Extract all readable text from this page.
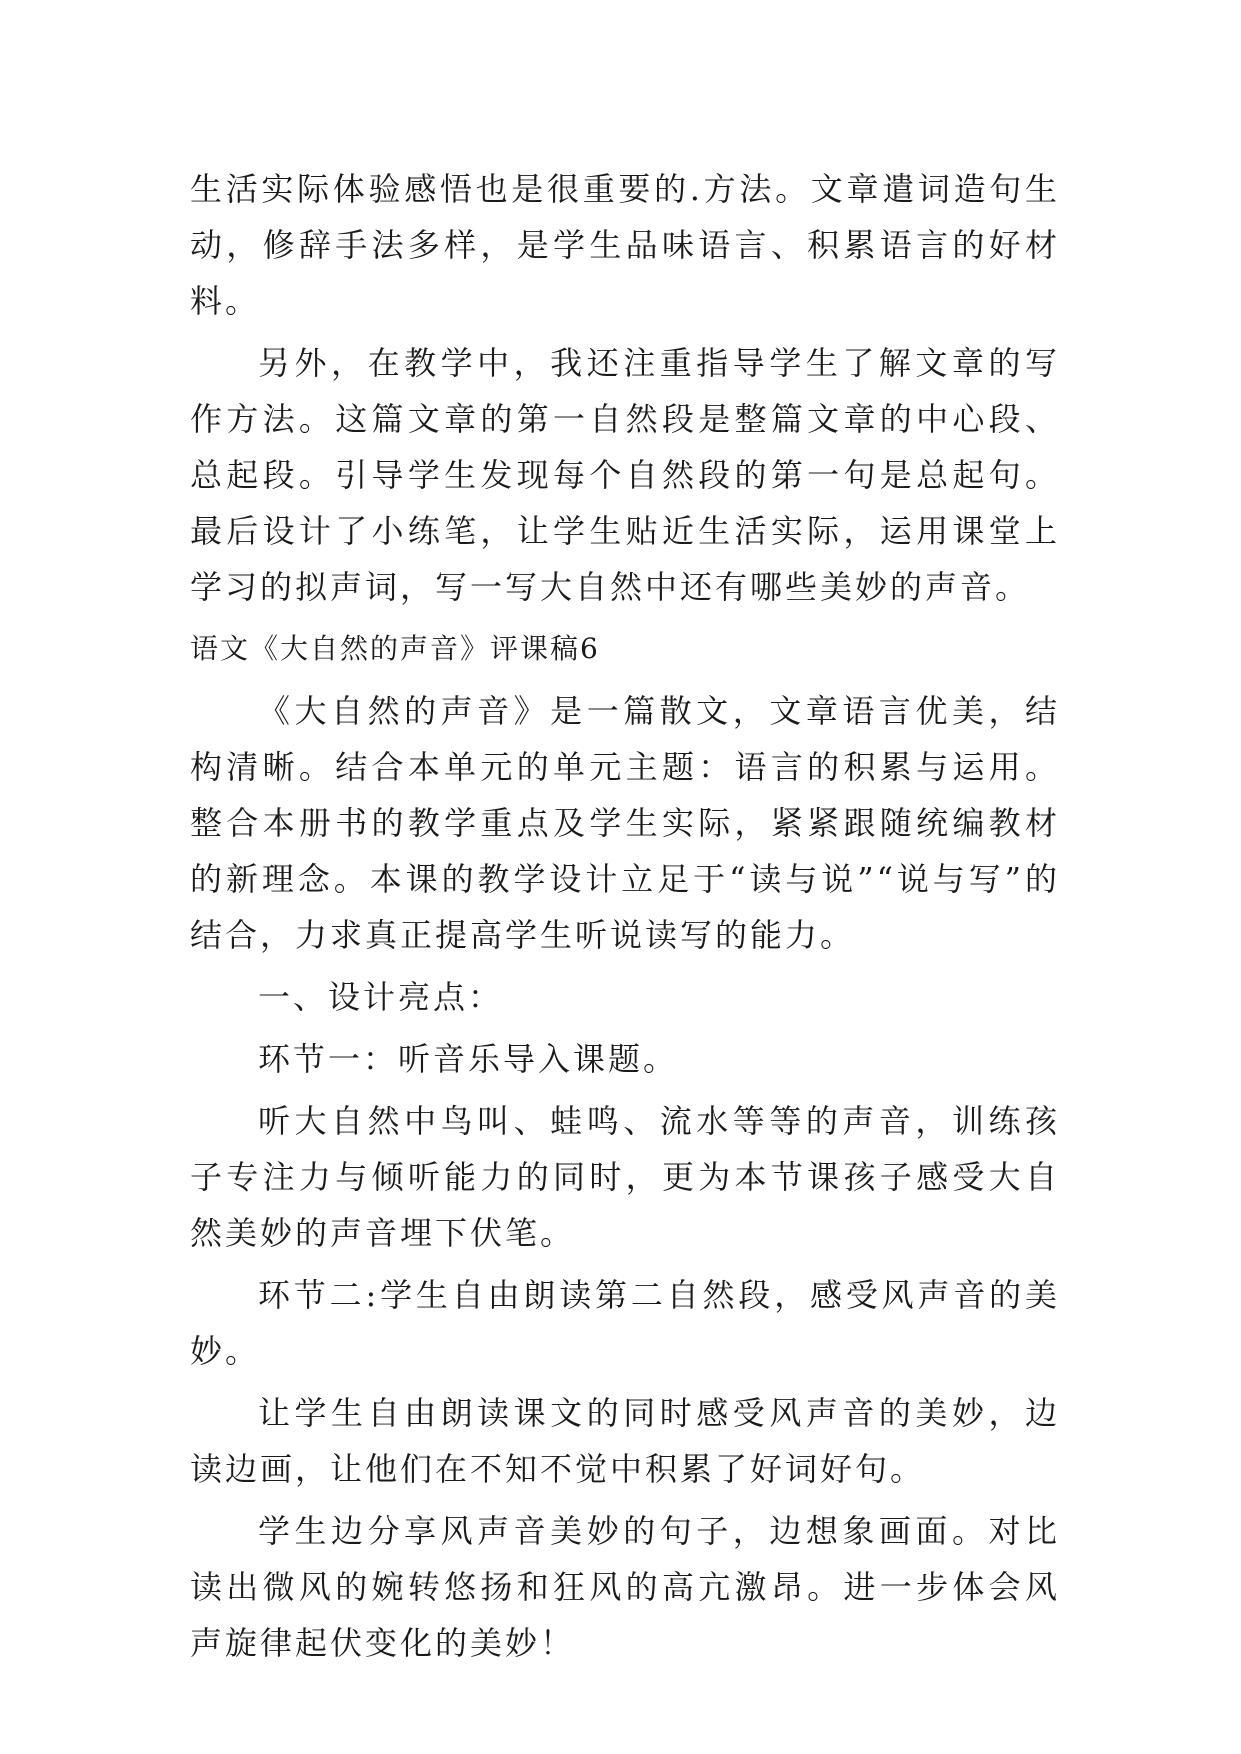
生活实际体验感悟也是很重要的.方法。文章遣词造句生动，修辞手法多样，是学生品味语言、积累语言的好材料。

另外，在教学中，我还注重指导学生了解文章的写作方法。这篇文章的第一自然段是整篇文章的中心段、总起段。引导学生发现每个自然段的第一句是总起句。最后设计了小练笔，让学生贴近生活实际，运用课堂上学习的拟声词，写一写大自然中还有哪些美妙的声音。

语文《大自然的声音》评课稿6

《大自然的声音》是一篇散文，文章语言优美，结构清晰。结合本单元的单元主题：语言的积累与运用。整合本册书的教学重点及学生实际，紧紧跟随统编教材的新理念。本课的教学设计立足于“读与说”“说与写”的结合，力求真正提高学生听说读写的能力。

一、设计亮点：

环节一：听音乐导入课题。

听大自然中鸟叫、蛙鸣、流水等等的声音，训练孩子专注力与倾听能力的同时，更为本节课孩子感受大自然美妙的声音埋下伏笔。

环节二:学生自由朗读第二自然段，感受风声音的美妙。

让学生自由朗读课文的同时感受风声音的美妙，边读边画，让他们在不知不觉中积累了好词好句。

学生边分享风声音美妙的句子，边想象画面。对比读出微风的婉转悠扬和狂风的高亢激昂。进一步体会风声旋律起伏变化的美妙！
